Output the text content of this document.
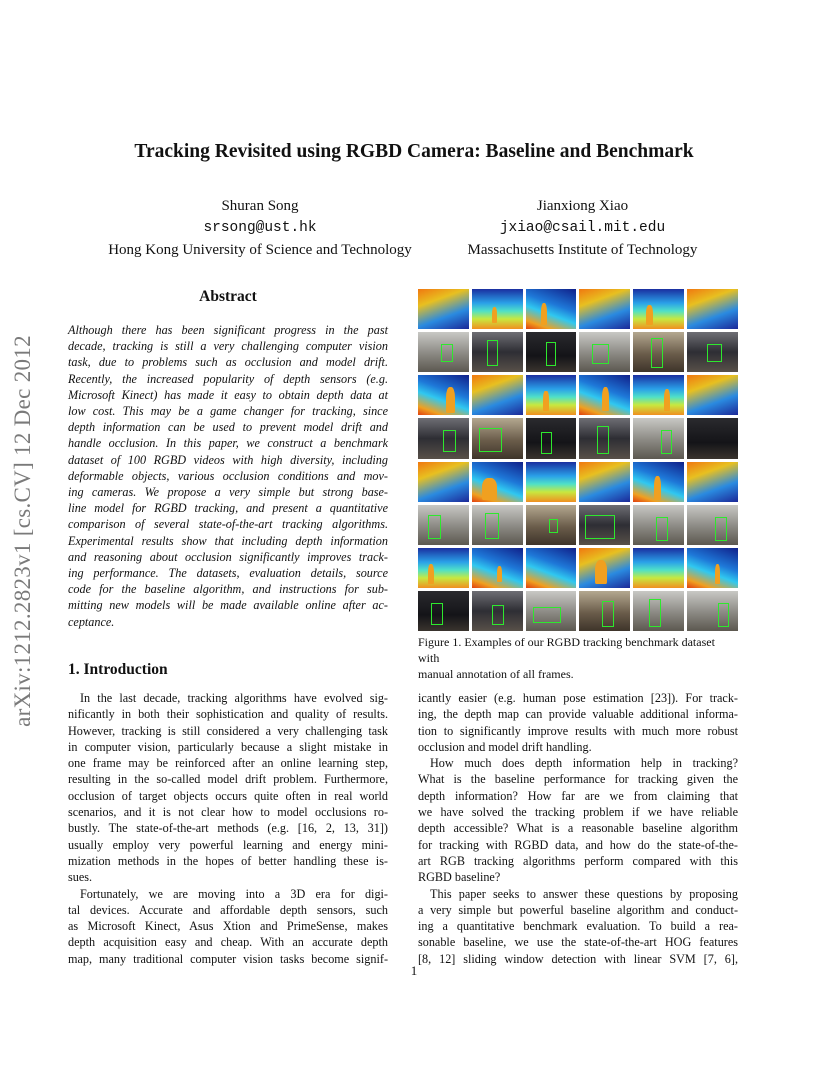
arXiv:1212.2823v1 [cs.CV] 12 Dec 2012
Tracking Revisited using RGBD Camera: Baseline and Benchmark
Shuran Song
srsong@ust.hk
Hong Kong University of Science and Technology
Jianxiong Xiao
jxiao@csail.mit.edu
Massachusetts Institute of Technology
Abstract
Although there has been significant progress in the past
decade, tracking is still a very challenging computer vision
task, due to problems such as occlusion and model drift.
Recently, the increased popularity of depth sensors (e.g.
Microsoft Kinect) has made it easy to obtain depth data at
low cost. This may be a game changer for tracking, since
depth information can be used to prevent model drift and
handle occlusion. In this paper, we construct a benchmark
dataset of 100 RGBD videos with high diversity, including
deformable objects, various occlusion conditions and mov-
ing cameras. We propose a very simple but strong base-
line model for RGBD tracking, and present a quantitative
comparison of several state-of-the-art tracking algorithms.
Experimental results show that including depth information
and reasoning about occlusion significantly improves track-
ing performance. The datasets, evaluation details, source
code for the baseline algorithm, and instructions for sub-
mitting new models will be made available online after ac-
ceptance.
Figure 1. Examples of our RGBD tracking benchmark dataset with
manual annotation of all frames.
1. Introduction
In the last decade, tracking algorithms have evolved sig-
nificantly in both their sophistication and quality of results.
However, tracking is still considered a very challenging task
in computer vision, particularly because a slight mistake in
one frame may be reinforced after an online learning step,
resulting in the so-called model drift problem. Furthermore,
occlusion of target objects occurs quite often in real world
scenarios, and it is not clear how to model occlusions ro-
bustly. The state-of-the-art methods (e.g. [16, 2, 13, 31])
usually employ very powerful learning and energy mini-
mization methods in the hopes of better handling these is-
sues.
Fortunately, we are moving into a 3D era for digi-
tal devices. Accurate and affordable depth sensors, such
as Microsoft Kinect, Asus Xtion and PrimeSense, makes
depth acquisition easy and cheap. With an accurate depth
map, many traditional computer vision tasks become signif-
icantly easier (e.g. human pose estimation [23]). For track-
ing, the depth map can provide valuable additional informa-
tion to significantly improve results with much more robust
occlusion and model drift handling.
How much does depth information help in tracking?
What is the baseline performance for tracking given the
depth information? How far are we from claiming that
we have solved the tracking problem if we have reliable
depth accessible? What is a reasonable baseline algorithm
for tracking with RGBD data, and how do the state-of-the-
art RGB tracking algorithms perform compared with this
RGBD baseline?
This paper seeks to answer these questions by proposing
a very simple but powerful baseline algorithm and conduct-
ing a quantitative benchmark evaluation. To build a rea-
sonable baseline, we use the state-of-the-art HOG features
[8, 12] sliding window detection with linear SVM [7, 6],
1
